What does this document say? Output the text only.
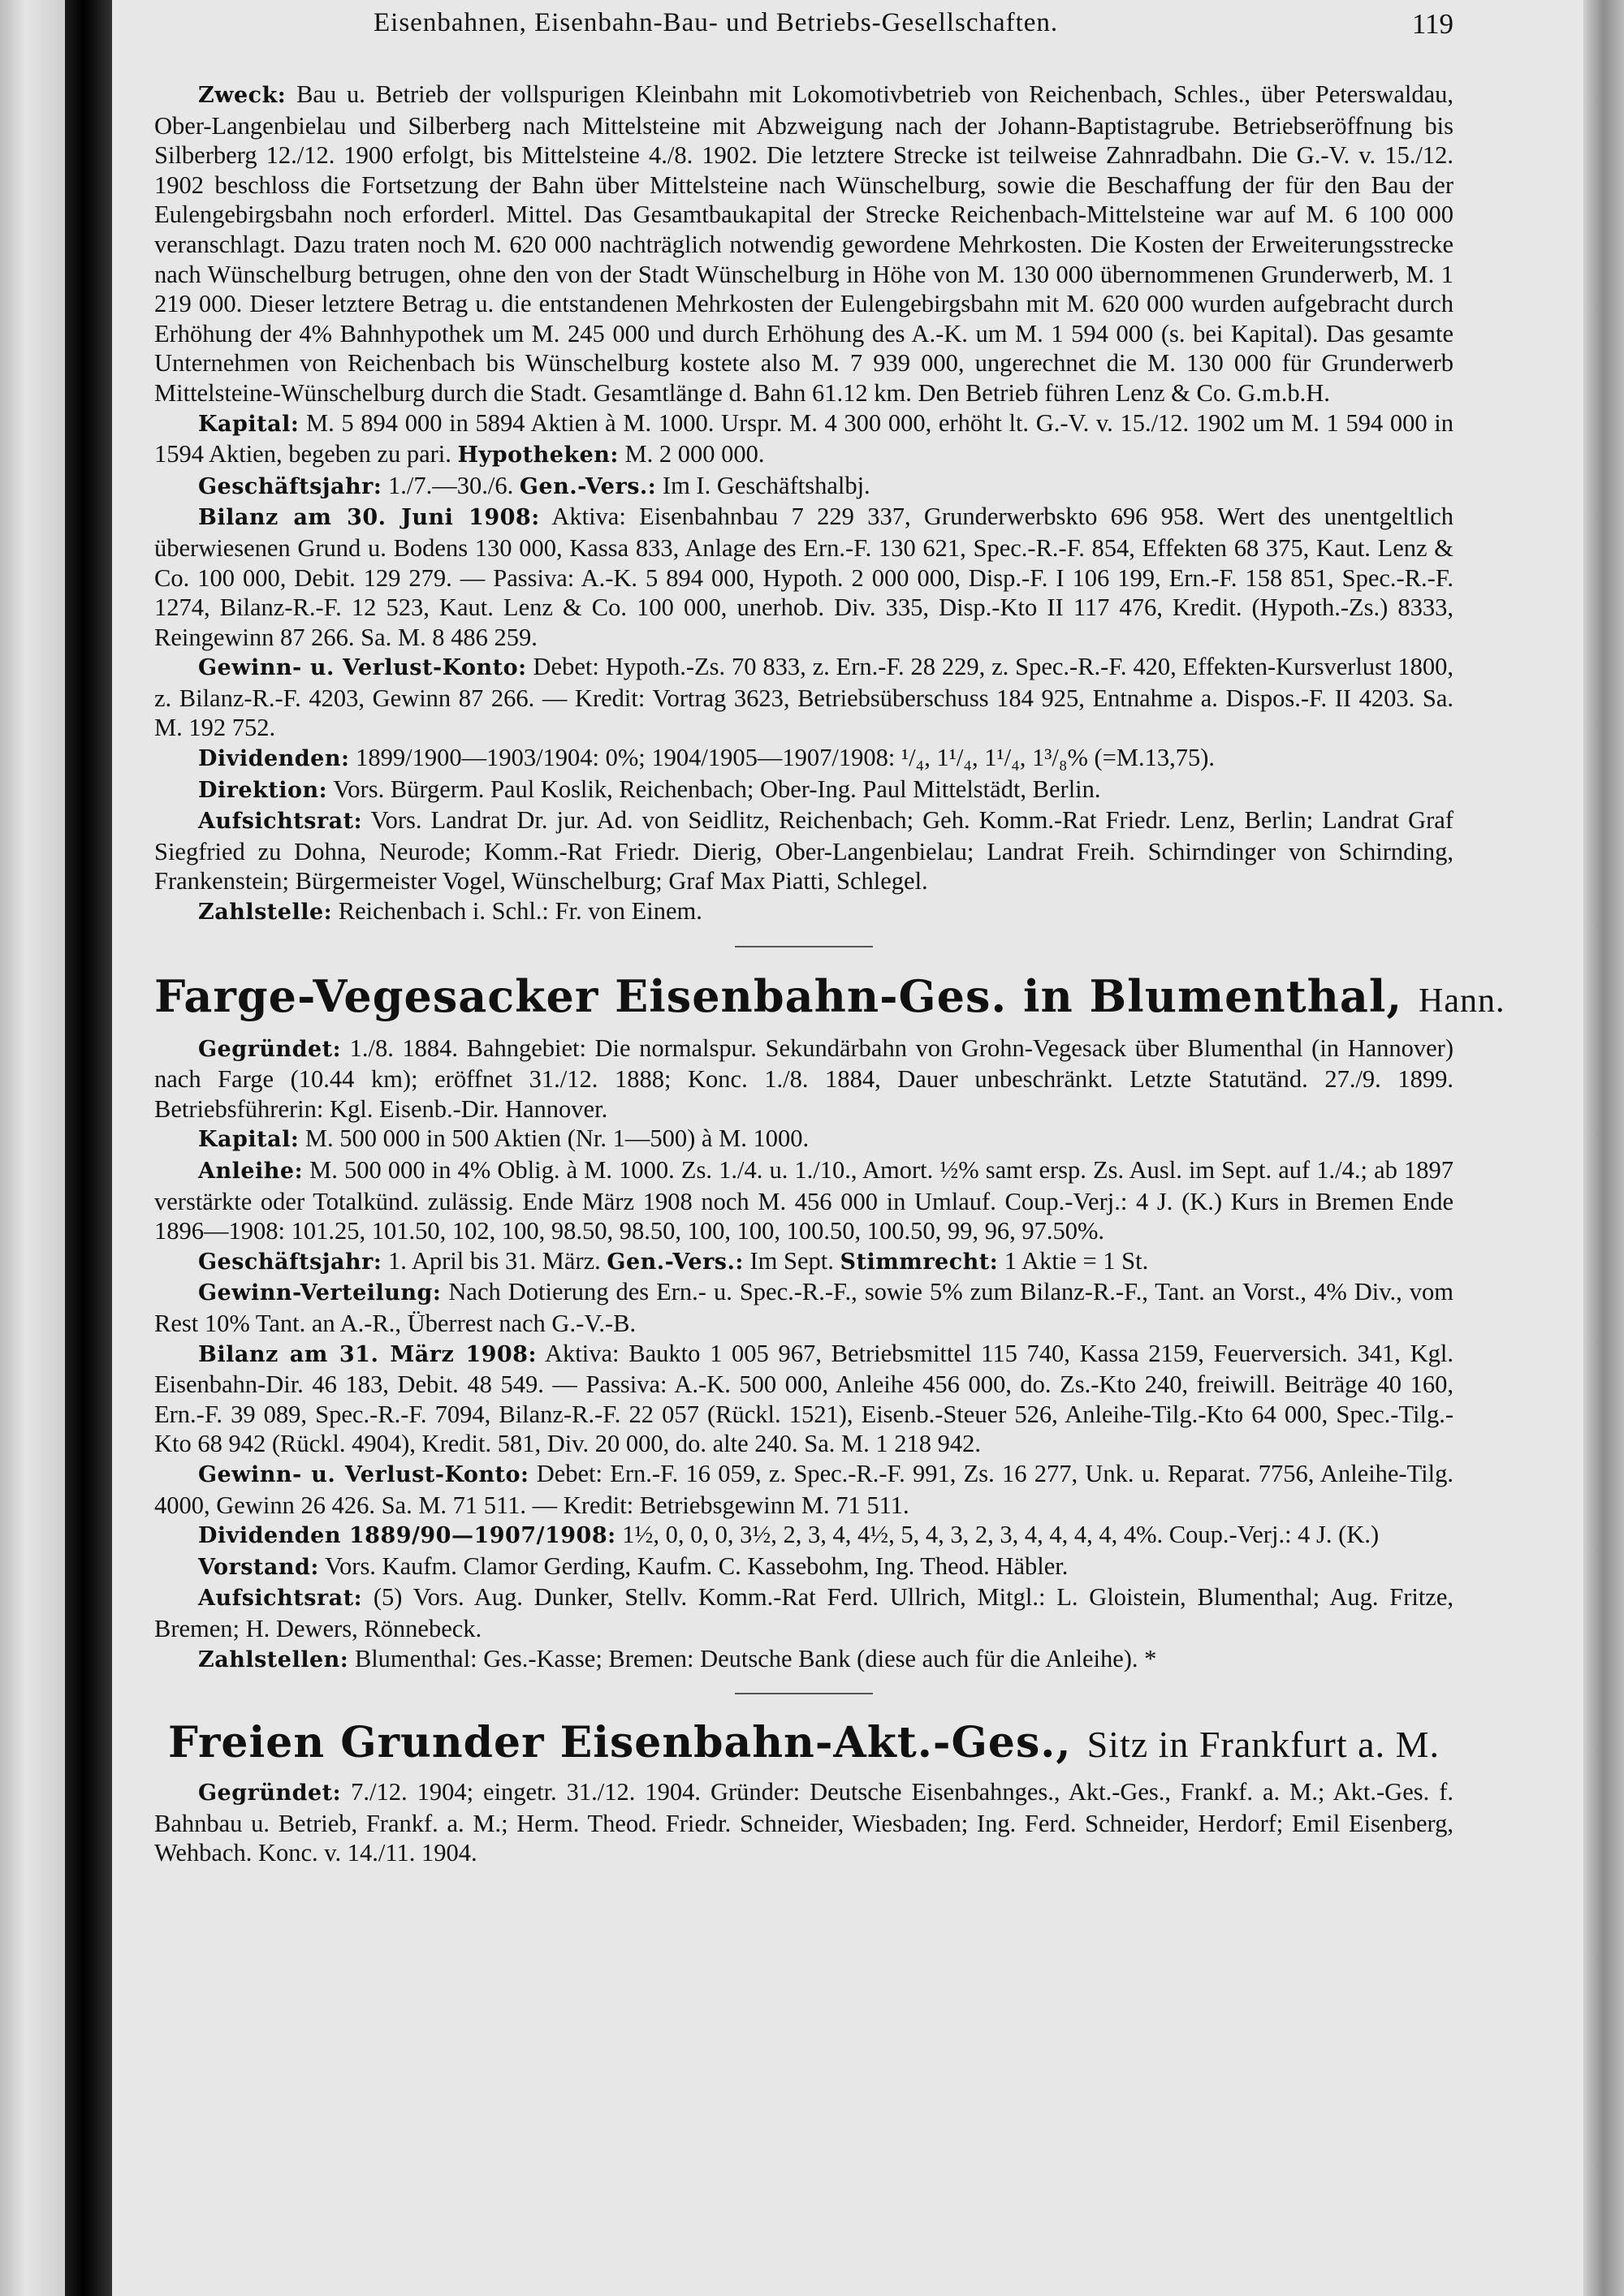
Eisenbahnen, Eisenbahn-Bau- und Betriebs-Gesellschaften.	119

Zweck: Bau u. Betrieb der vollspurigen Kleinbahn mit Lokomotivbetrieb von Reichenbach, Schles., über Peterswaldau, Ober-Langenbielau und Silberberg nach Mittelsteine mit Abzweigung nach der Johann-Baptistagrube. Betriebseröffnung bis Silberberg 12./12. 1900 erfolgt, bis Mittelsteine 4./8. 1902. Die letztere Strecke ist teilweise Zahnradbahn. Die G.-V. v. 15./12. 1902 beschloss die Fortsetzung der Bahn über Mittelsteine nach Wünschelburg, sowie die Beschaffung der für den Bau der Eulengebirgsbahn noch erforderl. Mittel. Das Gesamtbaukapital der Strecke Reichenbach-Mittelsteine war auf M. 6 100 000 veranschlagt. Dazu traten noch M. 620 000 nachträglich notwendig gewordene Mehrkosten. Die Kosten der Erweiterungsstrecke nach Wünschelburg betrugen, ohne den von der Stadt Wünschelburg in Höhe von M. 130 000 übernommenen Grunderwerb, M. 1 219 000. Dieser letztere Betrag u. die entstandenen Mehrkosten der Eulengebirgsbahn mit M. 620 000 wurden aufgebracht durch Erhöhung der 4% Bahnhypothek um M. 245 000 und durch Erhöhung des A.-K. um M. 1 594 000 (s. bei Kapital). Das gesamte Unternehmen von Reichenbach bis Wünschelburg kostete also M. 7 939 000, ungerechnet die M. 130 000 für Grunderwerb Mittelsteine-Wünschelburg durch die Stadt. Gesamtlänge d. Bahn 61.12 km. Den Betrieb führen Lenz & Co. G.m.b.H.

Kapital: M. 5 894 000 in 5894 Aktien à M. 1000. Urspr. M. 4 300 000, erhöht lt. G.-V. v. 15./12. 1902 um M. 1 594 000 in 1594 Aktien, begeben zu pari. Hypotheken: M. 2 000 000.

Geschäftsjahr: 1./7.—30./6. Gen.-Vers.: Im I. Geschäftshalbj.

Bilanz am 30. Juni 1908: Aktiva: Eisenbahnbau 7 229 337, Grunderwerbskto 696 958. Wert des unentgeltlich überwiesenen Grund u. Bodens 130 000, Kassa 833, Anlage des Ern.-F. 130 621, Spec.-R.-F. 854, Effekten 68 375, Kaut. Lenz & Co. 100 000, Debit. 129 279. — Passiva: A.-K. 5 894 000, Hypoth. 2 000 000, Disp.-F. I 106 199, Ern.-F. 158 851, Spec.-R.-F. 1274, Bilanz-R.-F. 12 523, Kaut. Lenz & Co. 100 000, unerhob. Div. 335, Disp.-Kto II 117 476, Kredit. (Hypoth.-Zs.) 8333, Reingewinn 87 266. Sa. M. 8 486 259.

Gewinn- u. Verlust-Konto: Debet: Hypoth.-Zs. 70 833, z. Ern.-F. 28 229, z. Spec.-R.-F. 420, Effekten-Kursverlust 1800, z. Bilanz-R.-F. 4203, Gewinn 87 266. — Kredit: Vortrag 3623, Betriebsüberschuss 184 925, Entnahme a. Dispos.-F. II 4203. Sa. M. 192 752.

Dividenden: 1899/1900—1903/1904: 0%; 1904/1905—1907/1908: ¹/₄, 1¹/₄, 1¹/₄, 1³/₈% (=M.13,75).

Direktion: Vors. Bürgerm. Paul Koslik, Reichenbach; Ober-Ing. Paul Mittelstädt, Berlin.

Aufsichtsrat: Vors. Landrat Dr. jur. Ad. von Seidlitz, Reichenbach; Geh. Komm.-Rat Friedr. Lenz, Berlin; Landrat Graf Siegfried zu Dohna, Neurode; Komm.-Rat Friedr. Dierig, Ober-Langenbielau; Landrat Freih. Schirndinger von Schirnding, Frankenstein; Bürgermeister Vogel, Wünschelburg; Graf Max Piatti, Schlegel.

Zahlstelle: Reichenbach i. Schl.: Fr. von Einem.

Farge-Vegesacker Eisenbahn-Ges. in Blumenthal, Hann.

Gegründet: 1./8. 1884. Bahngebiet: Die normalspur. Sekundärbahn von Grohn-Vegesack über Blumenthal (in Hannover) nach Farge (10.44 km); eröffnet 31./12. 1888; Konc. 1./8. 1884, Dauer unbeschränkt. Letzte Statutänd. 27./9. 1899. Betriebsführerin: Kgl. Eisenb.-Dir. Hannover.

Kapital: M. 500 000 in 500 Aktien (Nr. 1—500) à M. 1000.

Anleihe: M. 500 000 in 4% Oblig. à M. 1000. Zs. 1./4. u. 1./10., Amort. ½% samt ersp. Zs. Ausl. im Sept. auf 1./4.; ab 1897 verstärkte oder Totalkünd. zulässig. Ende März 1908 noch M. 456 000 in Umlauf. Coup.-Verj.: 4 J. (K.) Kurs in Bremen Ende 1896—1908: 101.25, 101.50, 102, 100, 98.50, 98.50, 100, 100, 100.50, 100.50, 99, 96, 97.50%.

Geschäftsjahr: 1. April bis 31. März. Gen.-Vers.: Im Sept. Stimmrecht: 1 Aktie = 1 St.

Gewinn-Verteilung: Nach Dotierung des Ern.- u. Spec.-R.-F., sowie 5% zum Bilanz-R.-F., Tant. an Vorst., 4% Div., vom Rest 10% Tant. an A.-R., Überrest nach G.-V.-B.

Bilanz am 31. März 1908: Aktiva: Baukto 1 005 967, Betriebsmittel 115 740, Kassa 2159, Feuerversich. 341, Kgl. Eisenbahn-Dir. 46 183, Debit. 48 549. — Passiva: A.-K. 500 000, Anleihe 456 000, do. Zs.-Kto 240, freiwill. Beiträge 40 160, Ern.-F. 39 089, Spec.-R.-F. 7094, Bilanz-R.-F. 22 057 (Rückl. 1521), Eisenb.-Steuer 526, Anleihe-Tilg.-Kto 64 000, Spec.-Tilg.-Kto 68 942 (Rückl. 4904), Kredit. 581, Div. 20 000, do. alte 240. Sa. M. 1 218 942.

Gewinn- u. Verlust-Konto: Debet: Ern.-F. 16 059, z. Spec.-R.-F. 991, Zs. 16 277, Unk. u. Reparat. 7756, Anleihe-Tilg. 4000, Gewinn 26 426. Sa. M. 71 511. — Kredit: Betriebsgewinn M. 71 511.

Dividenden 1889/90—1907/1908: 1½, 0, 0, 0, 3½, 2, 3, 4, 4½, 5, 4, 3, 2, 3, 4, 4, 4, 4, 4%. Coup.-Verj.: 4 J. (K.)

Vorstand: Vors. Kaufm. Clamor Gerding, Kaufm. C. Kassebohm, Ing. Theod. Häbler.

Aufsichtsrat: (5) Vors. Aug. Dunker, Stellv. Komm.-Rat Ferd. Ullrich, Mitgl.: L. Gloistein, Blumenthal; Aug. Fritze, Bremen; H. Dewers, Rönnebeck.

Zahlstellen: Blumenthal: Ges.-Kasse; Bremen: Deutsche Bank (diese auch für die Anleihe). *

Freien Grunder Eisenbahn-Akt.-Ges., Sitz in Frankfurt a. M.

Gegründet: 7./12. 1904; eingetr. 31./12. 1904. Gründer: Deutsche Eisenbahnges., Akt.-Ges., Frankf. a. M.; Akt.-Ges. f. Bahnbau u. Betrieb, Frankf. a. M.; Herm. Theod. Friedr. Schneider, Wiesbaden; Ing. Ferd. Schneider, Herdorf; Emil Eisenberg, Wehbach. Konc. v. 14./11. 1904.
